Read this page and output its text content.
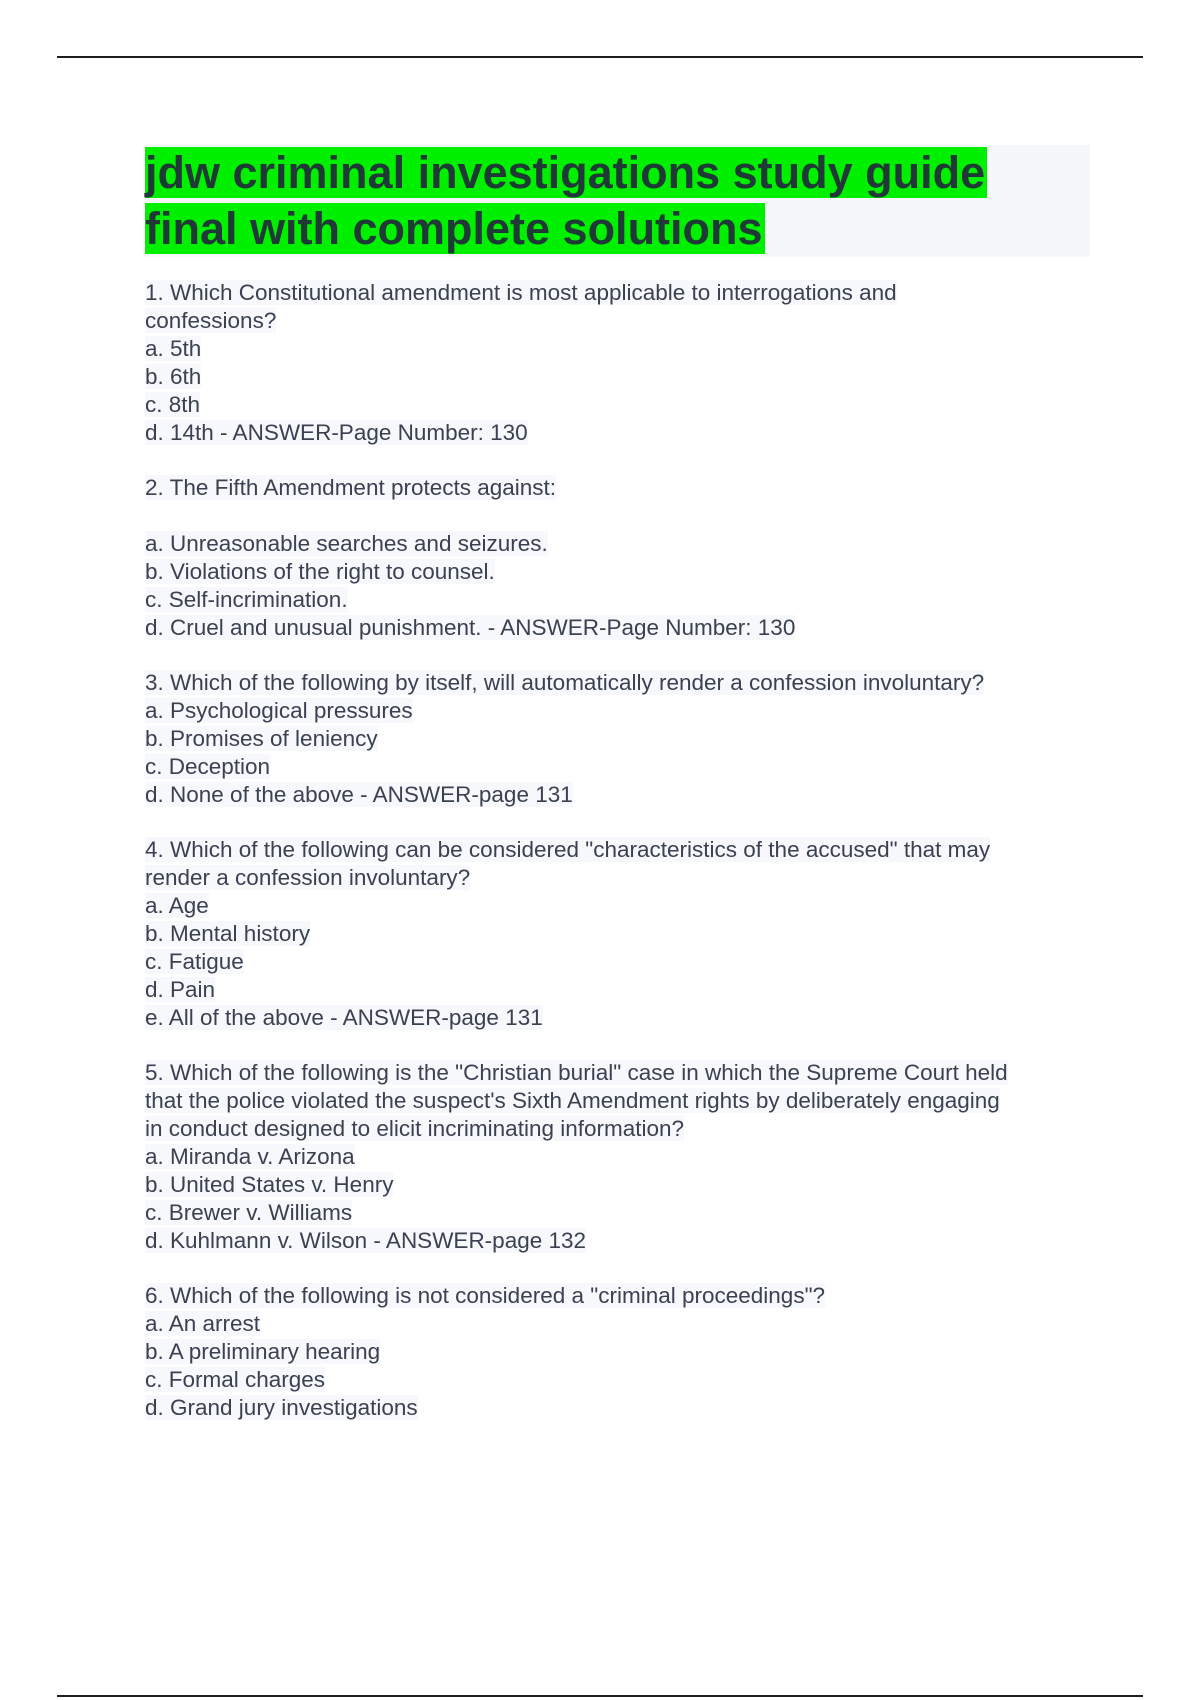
jdw criminal investigations study guide
final with complete solutions
1. Which Constitutional amendment is most applicable to interrogations and
confessions?
a. 5th
b. 6th
c. 8th
d. 14th - ANSWER-Page Number: 130
2. The Fifth Amendment protects against:
a. Unreasonable searches and seizures.
b. Violations of the right to counsel.
c. Self-incrimination.
d. Cruel and unusual punishment. - ANSWER-Page Number: 130
3. Which of the following by itself, will automatically render a confession involuntary?
a. Psychological pressures
b. Promises of leniency
c. Deception
d. None of the above - ANSWER-page 131
4. Which of the following can be considered "characteristics of the accused" that may
render a confession involuntary?
a. Age
b. Mental history
c. Fatigue
d. Pain
e. All of the above - ANSWER-page 131
5. Which of the following is the "Christian burial" case in which the Supreme Court held
that the police violated the suspect's Sixth Amendment rights by deliberately engaging
in conduct designed to elicit incriminating information?
a. Miranda v. Arizona
b. United States v. Henry
c. Brewer v. Williams
d. Kuhlmann v. Wilson - ANSWER-page 132
6. Which of the following is not considered a "criminal proceedings"?
a. An arrest
b. A preliminary hearing
c. Formal charges
d. Grand jury investigations
